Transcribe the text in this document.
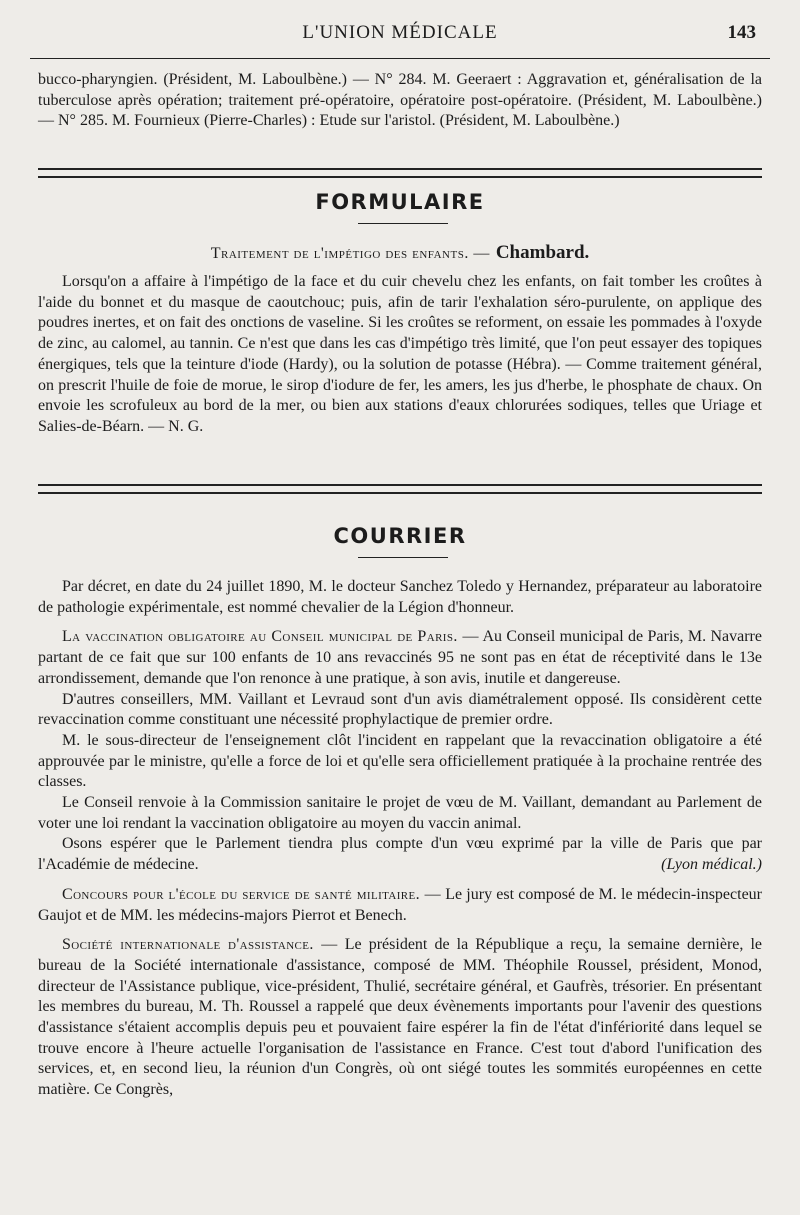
L'UNION MÉDICALE	143

bucco-pharyngien. (Président, M. Laboulbène.) — N° 284. M. Geeraert : Aggravation et, généralisation de la tuberculose après opération; traitement pré-opératoire, opératoire post-opératoire. (Président, M. Laboulbène.) — N° 285. M. Fournieux (Pierre-Charles) : Etude sur l'aristol. (Président, M. Laboulbène.)

FORMULAIRE
Traitement de l'impétigo des enfants. — Chambard.

Lorsqu'on a affaire à l'impétigo de la face et du cuir chevelu chez les enfants, on fait tomber les croûtes à l'aide du bonnet et du masque de caoutchouc; puis, afin de tarir l'exhalation séro-purulente, on applique des poudres inertes, et on fait des onctions de vaseline. Si les croûtes se reforment, on essaie les pommades à l'oxyde de zinc, au calomel, au tannin. Ce n'est que dans les cas d'impétigo très limité, que l'on peut essayer des topiques énergiques, tels que la teinture d'iode (Hardy), ou la solution de potasse (Hébra). — Comme traitement général, on prescrit l'huile de foie de morue, le sirop d'iodure de fer, les amers, les jus d'herbe, le phosphate de chaux. On envoie les scrofuleux au bord de la mer, ou bien aux stations d'eaux chlorurées sodiques, telles que Uriage et Salies-de-Béarn. — N. G.

COURRIER

Par décret, en date du 24 juillet 1890, M. le docteur Sanchez Toledo y Hernandez, préparateur au laboratoire de pathologie expérimentale, est nommé chevalier de la Légion d'honneur.

La vaccination obligatoire au Conseil municipal de Paris. — Au Conseil municipal de Paris, M. Navarre partant de ce fait que sur 100 enfants de 10 ans revaccinés 95 ne sont pas en état de réceptivité dans le 13e arrondissement, demande que l'on renonce à une pratique, à son avis, inutile et dangereuse.

D'autres conseillers, MM. Vaillant et Levraud sont d'un avis diamétralement opposé. Ils considèrent cette revaccination comme constituant une nécessité prophylactique de premier ordre.

M. le sous-directeur de l'enseignement clôt l'incident en rappelant que la revaccination obligatoire a été approuvée par le ministre, qu'elle a force de loi et qu'elle sera officiellement pratiquée à la prochaine rentrée des classes.

Le Conseil renvoie à la Commission sanitaire le projet de vœu de M. Vaillant, demandant au Parlement de voter une loi rendant la vaccination obligatoire au moyen du vaccin animal.

Osons espérer que le Parlement tiendra plus compte d'un vœu exprimé par la ville de Paris que par l'Académie de médecine.	(Lyon médical.)

Concours pour l'école du service de santé militaire. — Le jury est composé de M. le médecin-inspecteur Gaujot et de MM. les médecins-majors Pierrot et Benech.

Société internationale d'assistance. — Le président de la République a reçu, la semaine dernière, le bureau de la Société internationale d'assistance, composé de MM. Théophile Roussel, président, Monod, directeur de l'Assistance publique, vice-président, Thulié, secrétaire général, et Gaufrès, trésorier. En présentant les membres du bureau, M. Th. Roussel a rappelé que deux évènements importants pour l'avenir des questions d'assistance s'étaient accomplis depuis peu et pouvaient faire espérer la fin de l'état d'infériorité dans lequel se trouve encore à l'heure actuelle l'organisation de l'assistance en France. C'est tout d'abord l'unification des services, et, en second lieu, la réunion d'un Congrès, où ont siégé toutes les sommités européennes en cette matière. Ce Congrès,
